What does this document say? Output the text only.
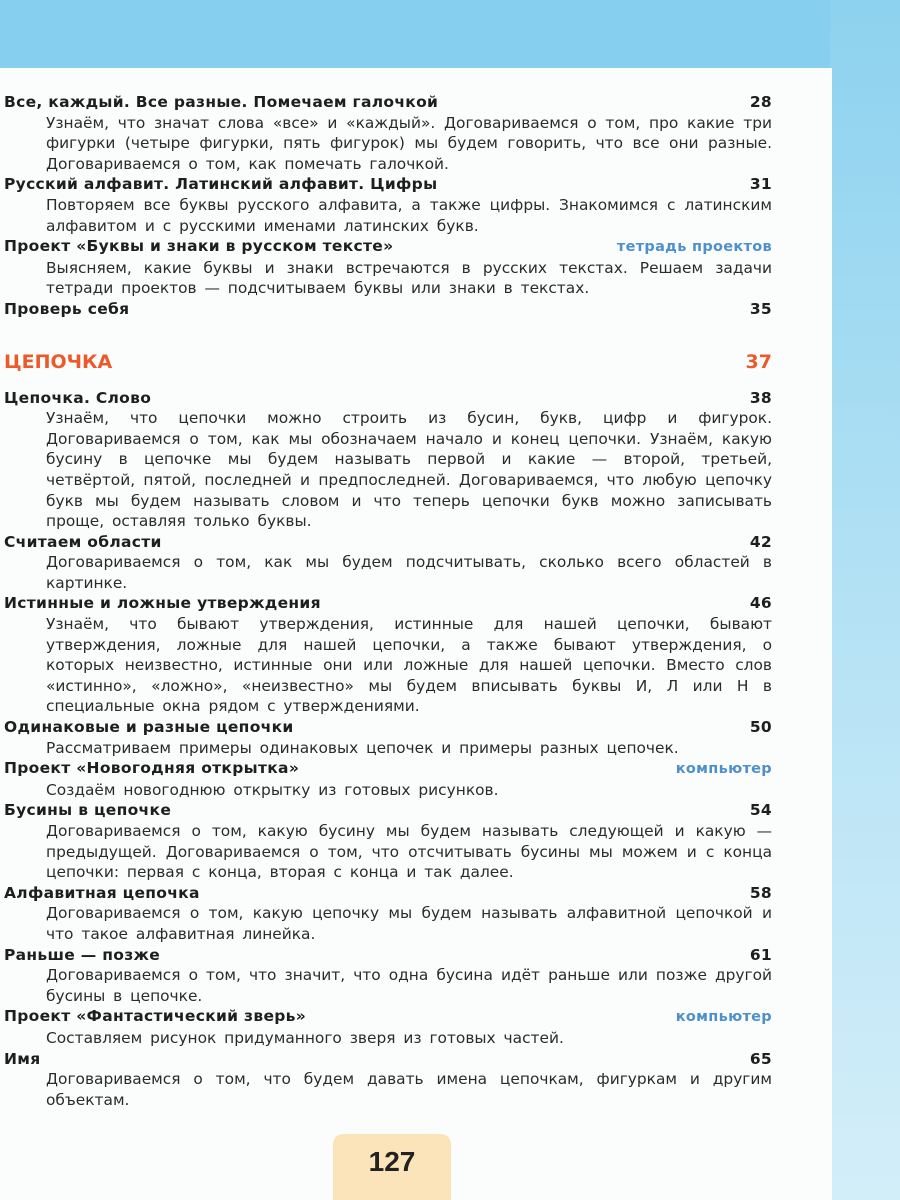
Все, каждый. Все разные. Помечаем галочкой	28
Узнаём, что значат слова «все» и «каждый». Договариваемся о том, про какие три фигурки (четыре фигурки, пять фигурок) мы будем говорить, что все они разные. Договариваемся о том, как помечать галочкой.
Русский алфавит. Латинский алфавит. Цифры	31
Повторяем все буквы русского алфавита, а также цифры. Знакомимся с латинским алфавитом и с русскими именами латинских букв.
Проект «Буквы и знаки в русском тексте»	тетрадь проектов
Выясняем, какие буквы и знаки встречаются в русских текстах. Решаем задачи тетради проектов — подсчитываем буквы или знаки в текстах.
Проверь себя	35
ЦЕПОЧКА	37
Цепочка. Слово	38
Узнаём, что цепочки можно строить из бусин, букв, цифр и фигурок. Договариваемся о том, как мы обозначаем начало и конец цепочки. Узнаём, какую бусину в цепочке мы будем называть первой и какие — второй, третьей, четвёртой, пятой, последней и предпоследней. Договариваемся, что любую цепочку букв мы будем называть словом и что теперь цепочки букв можно записывать проще, оставляя только буквы.
Считаем области	42
Договариваемся о том, как мы будем подсчитывать, сколько всего областей в картинке.
Истинные и ложные утверждения	46
Узнаём, что бывают утверждения, истинные для нашей цепочки, бывают утверждения, ложные для нашей цепочки, а также бывают утверждения, о которых неизвестно, истинные они или ложные для нашей цепочки. Вместо слов «истинно», «ложно», «неизвестно» мы будем вписывать буквы И, Л или Н в специальные окна рядом с утверждениями.
Одинаковые и разные цепочки	50
Рассматриваем примеры одинаковых цепочек и примеры разных цепочек.
Проект «Новогодняя открытка»	компьютер
Создаём новогоднюю открытку из готовых рисунков.
Бусины в цепочке	54
Договариваемся о том, какую бусину мы будем называть следующей и какую — предыдущей. Договариваемся о том, что отсчитывать бусины мы можем и с конца цепочки: первая с конца, вторая с конца и так далее.
Алфавитная цепочка	58
Договариваемся о том, какую цепочку мы будем называть алфавитной цепочкой и что такое алфавитная линейка.
Раньше — позже	61
Договариваемся о том, что значит, что одна бусина идёт раньше или позже другой бусины в цепочке.
Проект «Фантастический зверь»	компьютер
Составляем рисунок придуманного зверя из готовых частей.
Имя	65
Договариваемся о том, что будем давать имена цепочкам, фигуркам и другим объектам.
127
